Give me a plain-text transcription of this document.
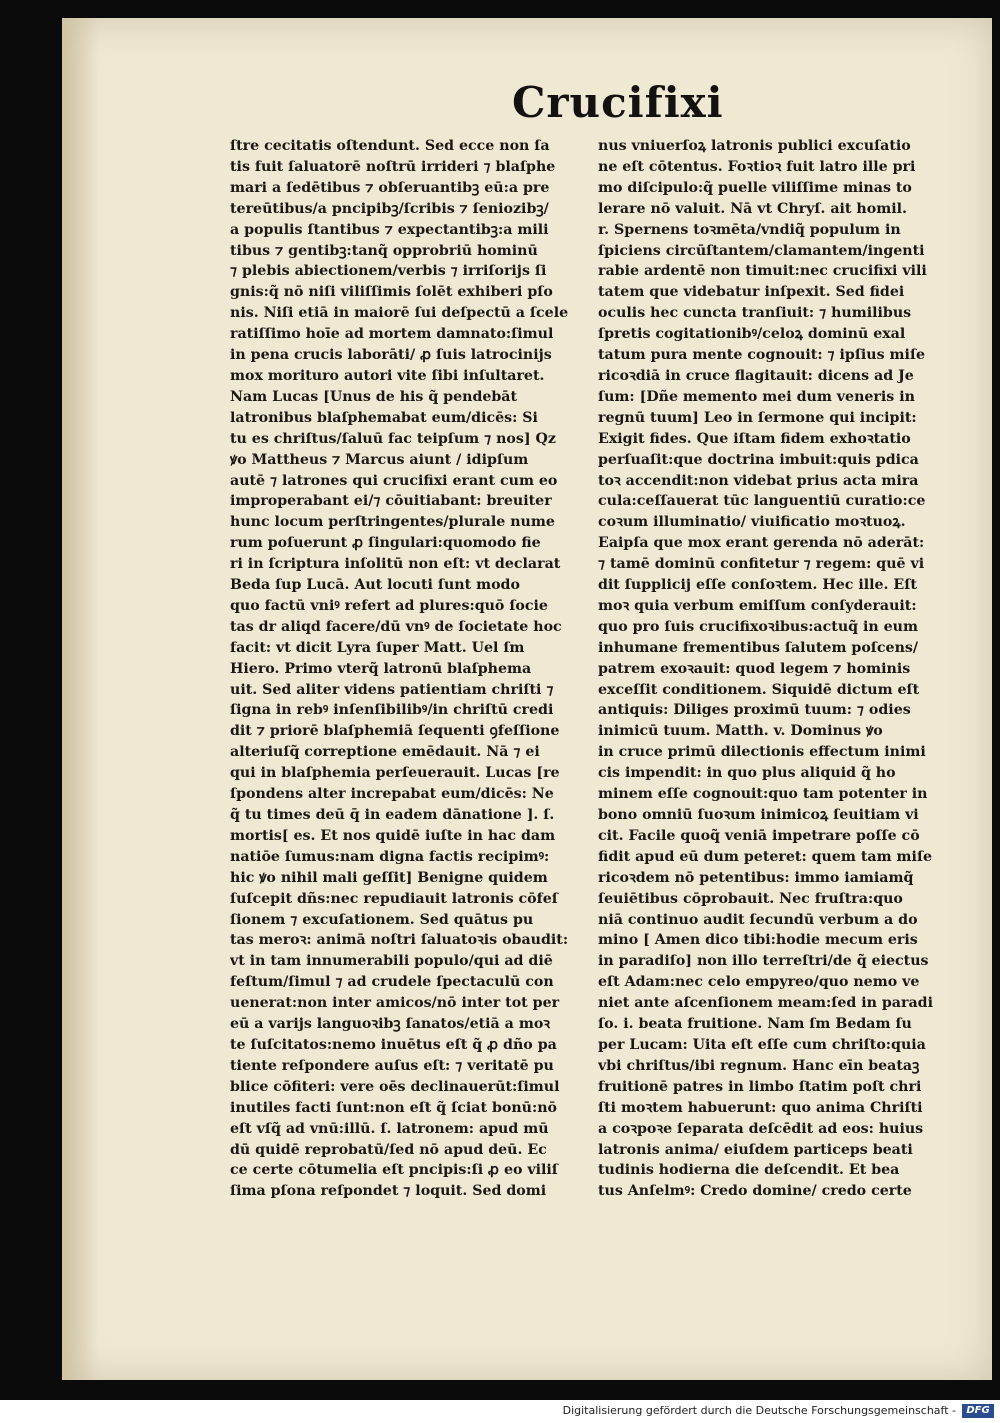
Crucifixi
ſtre cecitatis oſtendunt. Sed ecce non ſa
tis fuit ſaluatorē noſtrū irrideri ⁊ blaſphe
mari a ſedētibus ⁊ obſeruantibꝫ eū:a pre
tereūtibus/a pncipibꝫ/ſcribis ⁊ ſeniozibꝫ/
a populis ſtantibus ⁊ expectantibꝫ:a mili
tibus ⁊ gentibꝫ:tanq̃ opprobriū hominū
⁊ plebis abiectionem/verbis ⁊ irriſorijs ſi
gnis:q̃ nō niſi viliſſimis ſolēt exhiberi pſo
nis. Niſi etiā in maiorē ſui deſpectū a ſcele
ratiſſimo hoīe ad mortem damnato:ſimul
in pena crucis laborāti/ ꝓ ſuis latrocinijs
mox morituro autori vite ſibi inſultaret.
Nam Lucas [Unus de his q̃ pendebāt
latronibus blaſphemabat eum/dicēs: Si
tu es chriſtus/ſaluū fac teipſum ⁊ nos] Qz
ꝟo Mattheus ⁊ Marcus aiunt / idipſum
autē ⁊ latrones qui crucifixi erant cum eo
improperabant ei/⁊ cōuitiabant: breuiter
hunc locum perſtringentes/plurale nume
rum poſuerunt ꝓ ſingulari:quomodo fie
ri in ſcriptura inſolitū non eſt: vt declarat
Beda ſup Lucā. Aut locuti ſunt modo
quo factū vniꝰ refert ad plures:quō ſocie
tas dr aliqd facere/dū vnꝰ de ſocietate hoc
facit: vt dicit Lyra ſuper Matt. Uel ſm
Hiero. Primo vterq̃ latronū blaſphema
uit. Sed aliter videns patientiam chriſti ⁊
ſigna in rebꝰ inſenſibilibꝰ/in chriſtū credi
dit ⁊ priorē blaſphemiā ſequenti ꝯfeſſione
alteriuſq̃ correptione emēdauit. Nā ⁊ ei
qui in blaſphemia perſeuerauit. Lucas [re
ſpondens alter increpabat eum/dicēs: Ne
q̃ tu times deū q̄ in eadem dānatione ]. ſ.
mortis[ es. Et nos quidē iuſte in hac dam
natiōe ſumus:nam digna factis recipimꝰ:
hic ꝟo nihil mali geſſit] Benigne quidem
ſuſcepit dñs:nec repudiauit latronis cōfeſ
ſionem ⁊ excuſationem. Sed quātus pu
tas meroꝛ: animā noſtri ſaluatoꝛis obaudit:
vt in tam innumerabili populo/qui ad diē
feſtum/ſimul ⁊ ad crudele ſpectaculū con
uenerat:non inter amicos/nō inter tot per
eū a varijs languoꝛibꝫ ſanatos/etiā a moꝛ
te ſuſcitatos:nemo inuētus eſt q̃ ꝓ dño pa
tiente reſpondere auſus eſt: ⁊ veritatē pu
blice cōfiteri: vere oēs declinauerūt:ſimul
inutiles facti ſunt:non eſt q̃ ſciat bonū:nō
eſt vſq̃ ad vnū:illū. ſ. latronem: apud mū
dū quidē reprobatū/ſed nō apud deū. Ec
ce certe cōtumelia eſt pncipis:ſi ꝓ eo viliſ
ſima pſona reſpondet ⁊ loquit. Sed domi
nus vniuerſoꝝ latronis publici excuſatio
ne eſt cōtentus. Foꝛtioꝛ fuit latro ille pri
mo diſcipulo:q̃ puelle viliſſime minas to
lerare nō valuit. Nā vt Chryſ. ait homil.
r. Spernens toꝛmēta/vndiq̃ populum in
ſpiciens circūſtantem/clamantem/ingenti
rabie ardentē non timuit:nec crucifixi vili
tatem que videbatur inſpexit. Sed fidei
oculis hec cuncta tranſiuit: ⁊ humilibus
ſpretis cogitationibꝰ/celoꝝ dominū exal
tatum pura mente cognouit: ⁊ ipſius miſe
ricoꝛdiā in cruce flagitauit: dicens ad Je
ſum: [Dñe memento mei dum veneris in
regnū tuum] Leo in ſermone qui incipit:
Exigit fides. Que iſtam fidem exhoꝛtatio
perſuaſit:que doctrina imbuit:quis pdica
toꝛ accendit:non videbat prius acta mira
cula:ceſſauerat tūc languentiū curatio:ce
coꝛum illuminatio/ viuificatio moꝛtuoꝝ.
Eaipſa que mox erant gerenda nō aderāt:
⁊ tamē dominū confitetur ⁊ regem: quē vi
dit ſupplicij eſſe conſoꝛtem. Hec ille. Eſt
moꝛ quia verbum emiſſum conſyderauit:
quo pro ſuis crucifixoꝛibus:actuq̃ in eum
inhumane frementibus ſalutem poſcens/
patrem exoꝛauit: quod legem ⁊ hominis
exceſſit conditionem. Siquidē dictum eſt
antiquis: Diliges proximū tuum: ⁊ odies
inimicū tuum. Matth. v. Dominus ꝟo
in cruce primū dilectionis effectum inimi
cis impendit: in quo plus aliquid q̃ ho
minem eſſe cognouit:quo tam potenter in
bono omniū ſuoꝛum inimicoꝝ ſeuitiam vi
cit. Facile quoq̃ veniā impetrare poſſe cō
fidit apud eū dum peteret: quem tam miſe
ricoꝛdem nō petentibus: immo iamiamq̃
ſeuiētibus cōprobauit. Nec fruſtra:quo
niā continuo audit ſecundū verbum a do
mino [ Amen dico tibi:hodie mecum eris
in paradiſo] non illo terreſtri/de q̃ eiectus
eſt Adam:nec celo empyreo/quo nemo ve
niet ante aſcenſionem meam:ſed in paradi
ſo. i. beata fruitione. Nam ſm Bedam ſu
per Lucam: Uita eſt eſſe cum chriſto:quia
vbi chriſtus/ibi regnum. Hanc eīn beataꝫ
fruitionē patres in limbo ſtatim poſt chri
ſti moꝛtem habuerunt: quo anima Chriſti
a coꝛpoꝛe ſeparata deſcēdit ad eos: huius
latronis anima/ eiuſdem particeps beati
tudinis hodierna die deſcendit. Et bea
tus Anſelmꝰ: Credo domine/ credo certe
Digitalisierung gefördert durch die Deutsche Forschungsgemeinschaft -	DFG
